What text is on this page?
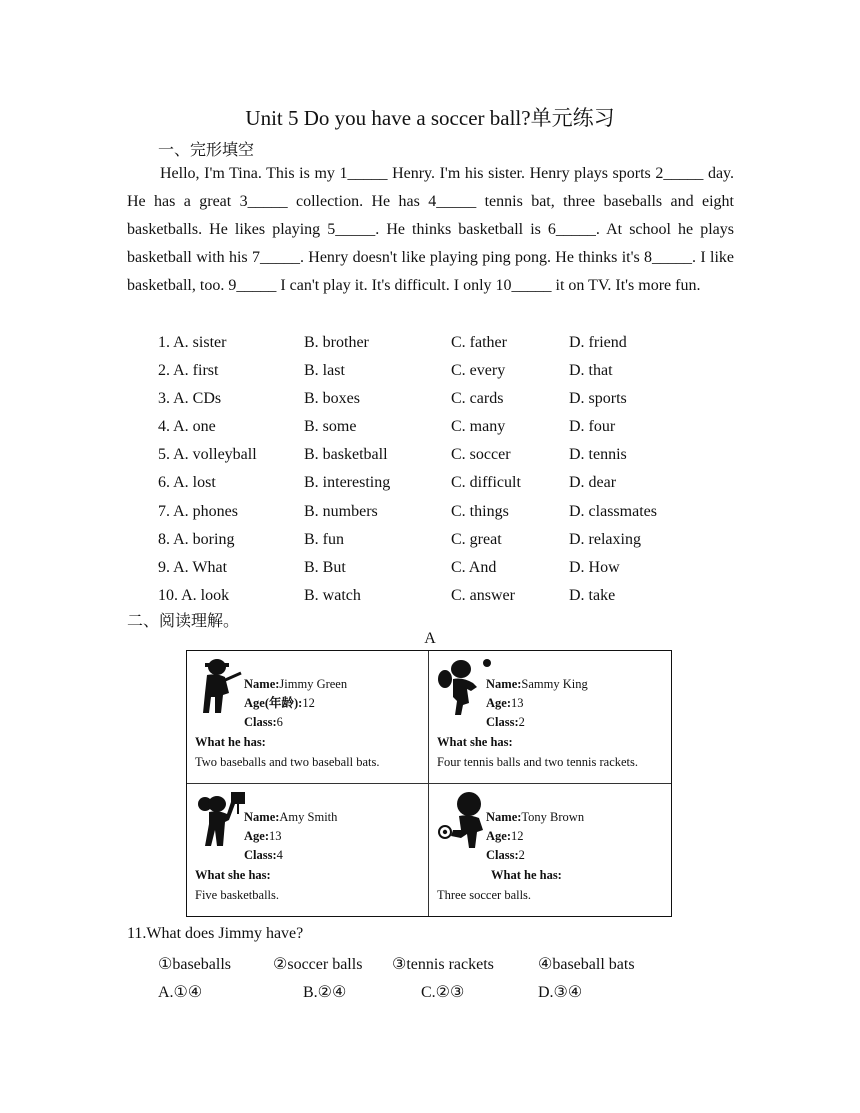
Unit 5 Do you have a soccer ball?单元练习
一、完形填空

Hello, I'm Tina. This is my 1_____ Henry. I'm his sister. Henry plays sports 2_____ day. He has a great 3_____ collection. He has 4_____ tennis bat, three baseballs and eight basketballs. He likes playing 5_____. He thinks basketball is 6_____. At school he plays basketball with his 7_____. Henry doesn't like playing ping pong. He thinks it's 8_____. I like basketball, too. 9_____ I can't play it. It's difficult. I only 10_____ it on TV. It's more fun.

1. A. sister	B. brother	C. father	D. friend
2. A. first	B. last	C. every	D. that
3. A. CDs	B. boxes	C. cards	D. sports
4. A. one	B. some	C. many	D. four
5. A. volleyball	B. basketball	C. soccer	D. tennis
6. A. lost	B. interesting	C. difficult	D. dear
7. A. phones	B. numbers	C. things	D. classmates
8. A. boring	B. fun	C. great	D. relaxing
9. A. What	B. But	C. And	D. How
10. A. look	B. watch	C. answer	D. take
二、阅读理解。
A
Name:Jimmy Green
Age(年龄):12
Class:6
What he has:
Two baseballs and two baseball bats.
Name:Sammy King
Age:13
Class:2
What she has:
Four tennis balls and two tennis rackets.
Name:Amy Smith
Age:13
Class:4
What she has:
Five basketballs.
Name:Tony Brown
Age:12
Class:2
What he has:
Three soccer balls.
11.What does Jimmy have?
①baseballs	②soccer balls ③tennis rackets	④baseball bats
A.①④	B.②④	C.②③	D.③④
